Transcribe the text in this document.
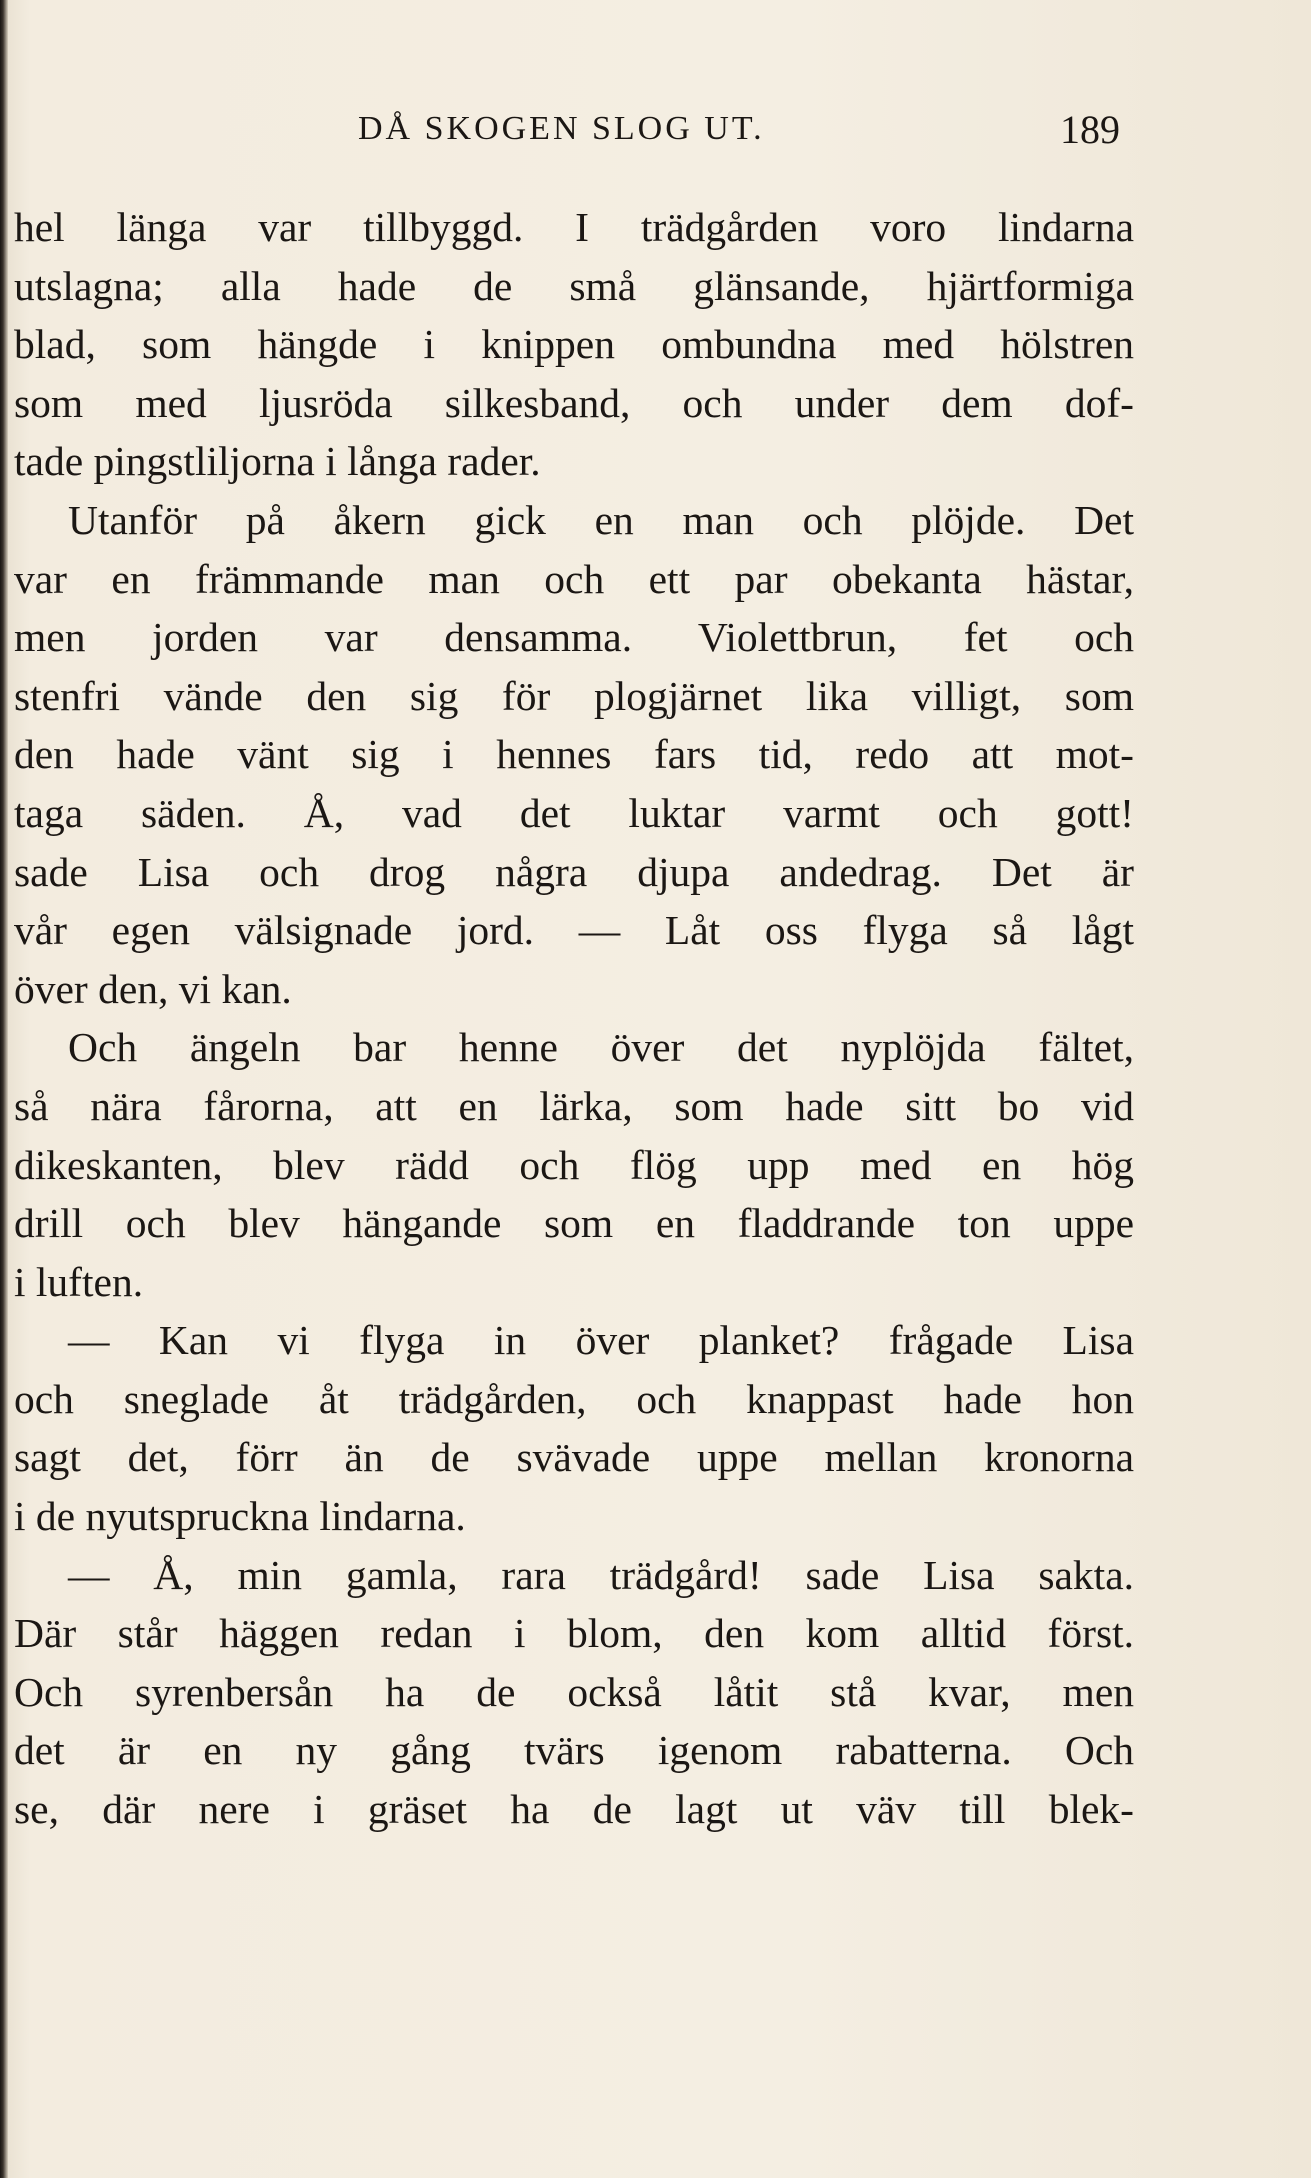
DÅ SKOGEN SLOG UT.	189
hel länga var tillbyggd. I trädgården voro lindarna
utslagna; alla hade de små glänsande, hjärtformiga
blad, som hängde i knippen ombundna med hölstren
som med ljusröda silkesband, och under dem dof-
tade pingstliljorna i långa rader.
Utanför på åkern gick en man och plöjde. Det
var en främmande man och ett par obekanta hästar,
men jorden var densamma. Violettbrun, fet och
stenfri vände den sig för plogjärnet lika villigt, som
den hade vänt sig i hennes fars tid, redo att mot-
taga säden. Å, vad det luktar varmt och gott!
sade Lisa och drog några djupa andedrag. Det är
vår egen välsignade jord. — Låt oss flyga så lågt
över den, vi kan.
Och ängeln bar henne över det nyplöjda fältet,
så nära fårorna, att en lärka, som hade sitt bo vid
dikeskanten, blev rädd och flög upp med en hög
drill och blev hängande som en fladdrande ton uppe
i luften.
— Kan vi flyga in över planket? frågade Lisa
och sneglade åt trädgården, och knappast hade hon
sagt det, förr än de svävade uppe mellan kronorna
i de nyutspruckna lindarna.
— Å, min gamla, rara trädgård! sade Lisa sakta.
Där står häggen redan i blom, den kom alltid först.
Och syrenbersån ha de också låtit stå kvar, men
det är en ny gång tvärs igenom rabatterna. Och
se, där nere i gräset ha de lagt ut väv till blek-
